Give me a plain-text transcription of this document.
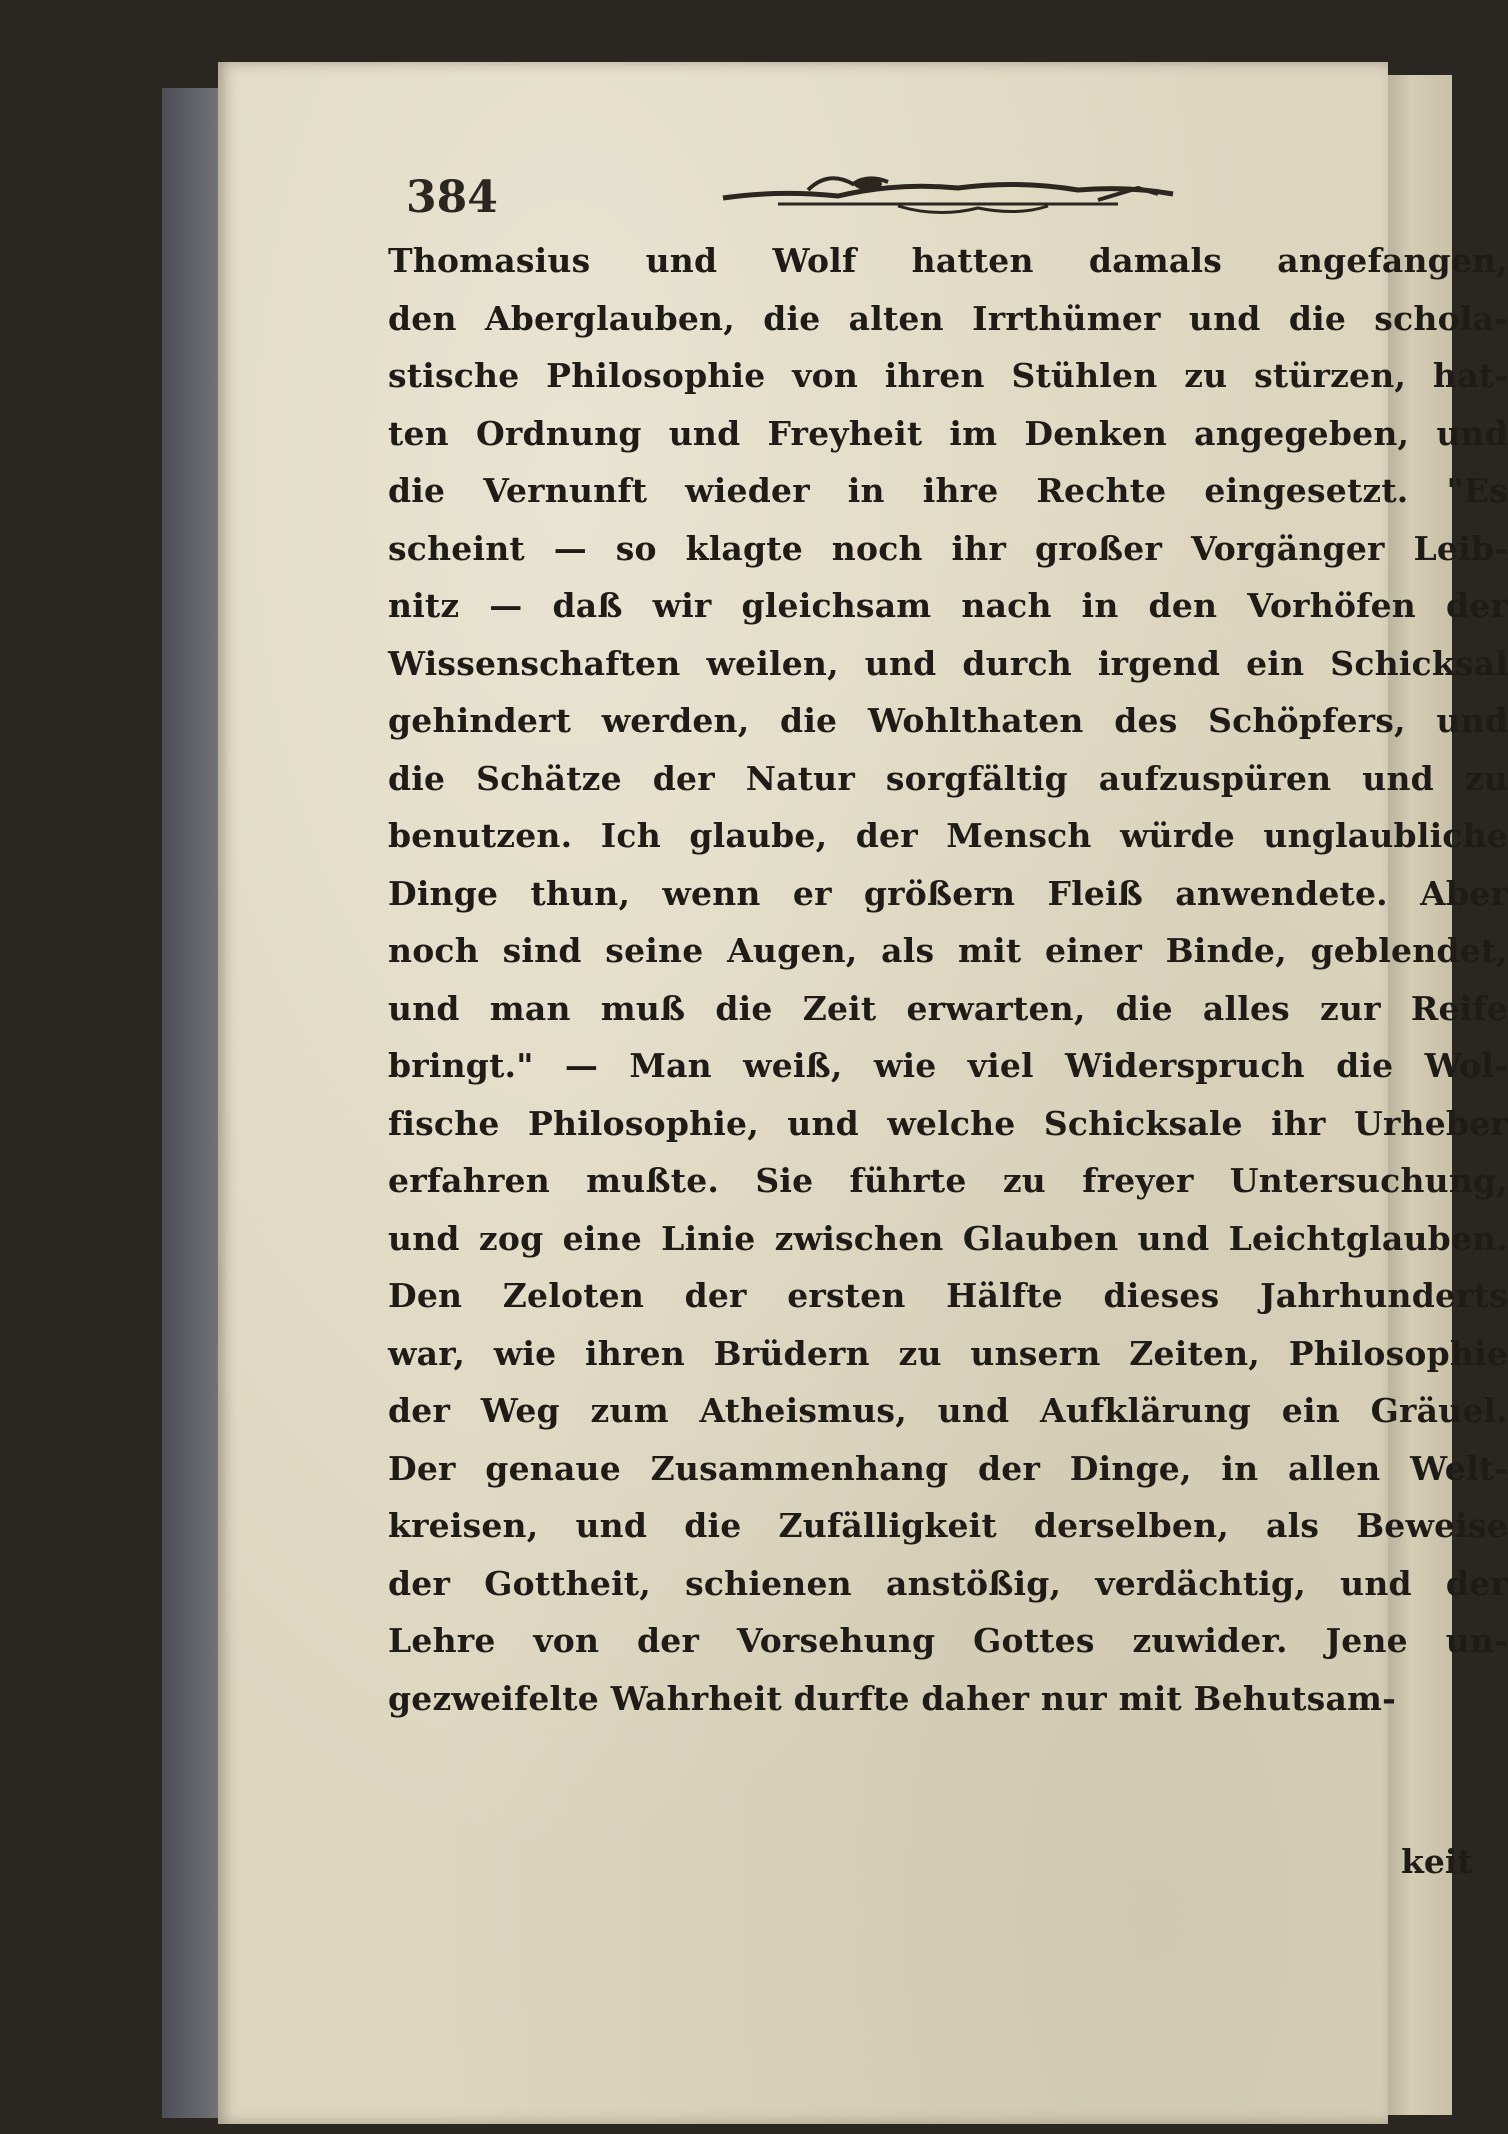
384
Thomasius und Wolf hatten damals angefangen,
den Aberglauben, die alten Irrthümer und die schola-
stische Philosophie von ihren Stühlen zu stürzen, hat-
ten Ordnung und Freyheit im Denken angegeben, und
die Vernunft wieder in ihre Rechte eingesetzt. "Es
scheint — so klagte noch ihr großer Vorgänger Leib-
nitz — daß wir gleichsam nach in den Vorhöfen der
Wissenschaften weilen, und durch irgend ein Schicksal
gehindert werden, die Wohlthaten des Schöpfers, und
die Schätze der Natur sorgfältig aufzuspüren und zu
benutzen. Ich glaube, der Mensch würde unglaubliche
Dinge thun, wenn er größern Fleiß anwendete. Aber
noch sind seine Augen, als mit einer Binde, geblendet,
und man muß die Zeit erwarten, die alles zur Reife
bringt." — Man weiß, wie viel Widerspruch die Wol-
fische Philosophie, und welche Schicksale ihr Urheber
erfahren mußte. Sie führte zu freyer Untersuchung,
und zog eine Linie zwischen Glauben und Leichtglauben.
Den Zeloten der ersten Hälfte dieses Jahrhunderts
war, wie ihren Brüdern zu unsern Zeiten, Philosophie
der Weg zum Atheismus, und Aufklärung ein Gräuel.
Der genaue Zusammenhang der Dinge, in allen Welt-
kreisen, und die Zufälligkeit derselben, als Beweise
der Gottheit, schienen anstößig, verdächtig, und der
Lehre von der Vorsehung Gottes zuwider. Jene un-
gezweifelte Wahrheit durfte daher nur mit Behutsam-
keit
